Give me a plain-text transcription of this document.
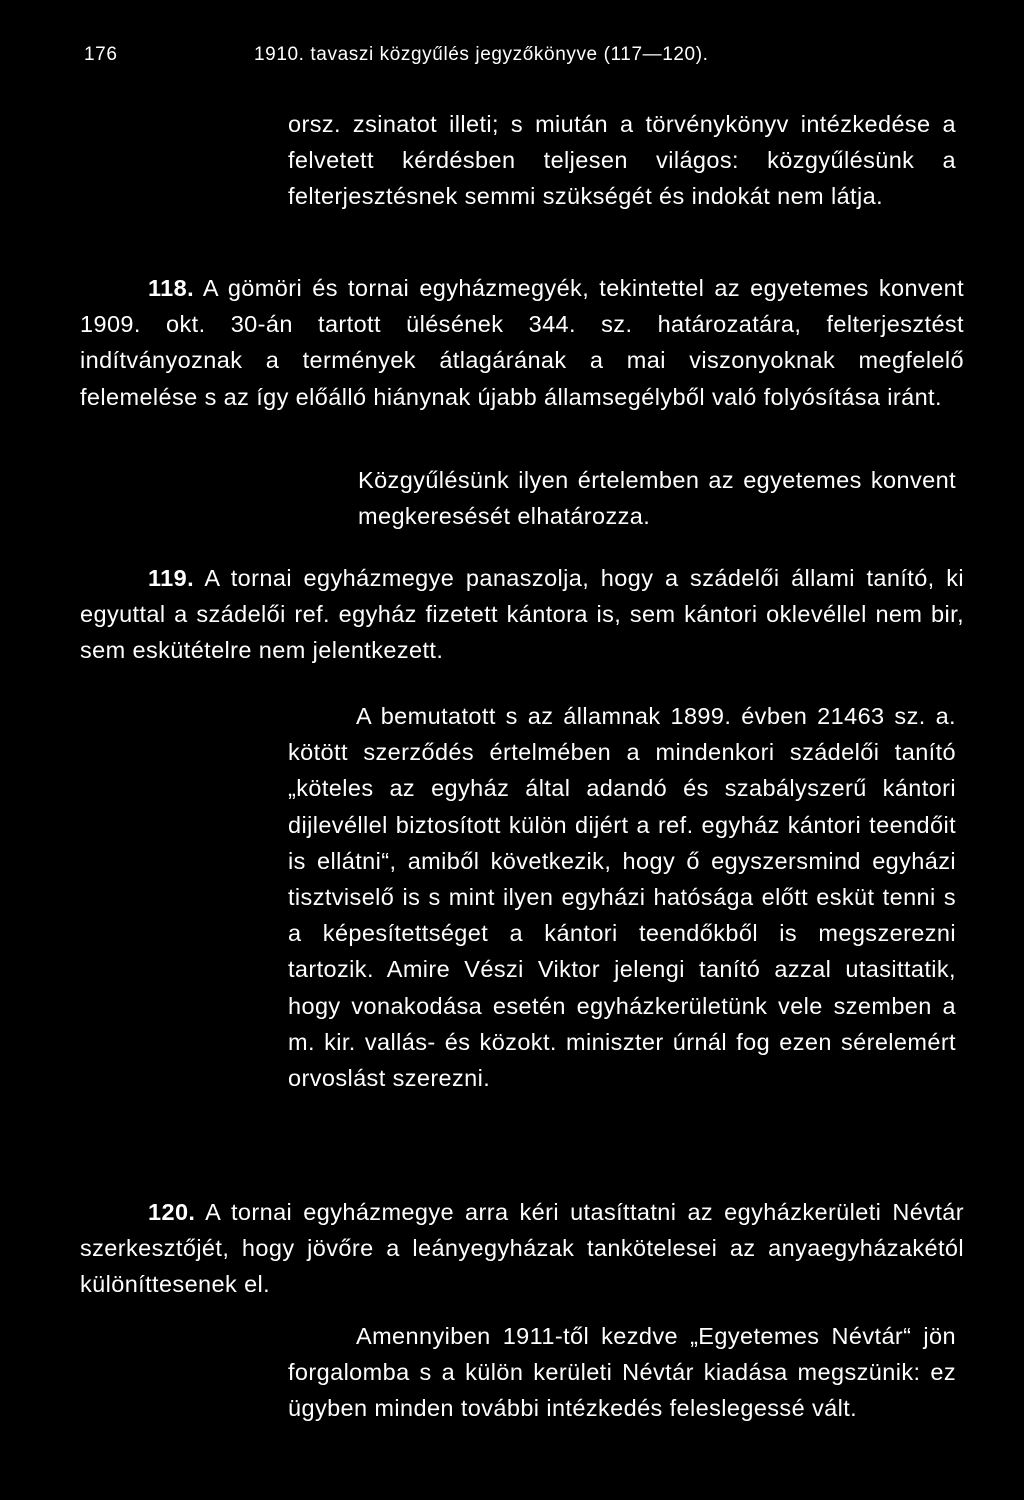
176	1910. tavaszi közgyűlés jegyzőkönyve (117—120).

orsz. zsinatot illeti; s miután a törvénykönyv intézkedése a felvetett kérdésben teljesen világos: közgyűlésünk a felterjesztésnek semmi szükségét és indokát nem látja.

118. A gömöri és tornai egyházmegyék, tekintettel az egyetemes konvent 1909. okt. 30-án tartott ülésének 344. sz. határozatára, felterjesztést indítványoznak a termények átlagárának a mai viszonyoknak megfelelő felemelése s az így előálló hiánynak újabb államsegélyből való folyósítása iránt.

Közgyűlésünk ilyen értelemben az egyetemes konvent megkeresését elhatározza.

119. A tornai egyházmegye panaszolja, hogy a szádelői állami tanító, ki egyuttal a szádelői ref. egyház fizetett kántora is, sem kántori oklevéllel nem bir, sem eskütételre nem jelentkezett.

A bemutatott s az államnak 1899. évben 21463 sz. a. kötött szerződés értelmében a mindenkori szádelői tanító „köteles az egyház által adandó és szabályszerű kántori dijlevéllel biztosított külön dijért a ref. egyház kántori teendőit is ellátni“, amiből következik, hogy ő egyszersmind egyházi tisztviselő is s mint ilyen egyházi hatósága előtt esküt tenni s a képesítettséget a kántori teendőkből is megszerezni tartozik. Amire Vészi Viktor jelengi tanító azzal utasittatik, hogy vonakodása esetén egyházkerületünk vele szemben a m. kir. vallás- és közokt. miniszter úrnál fog ezen sérelemért orvoslást szerezni.

120. A tornai egyházmegye arra kéri utasíttatni az egyházkerületi Névtár szerkesztőjét, hogy jövőre a leányegyházak tankötelesei az anyaegyházakétól különíttesenek el.

Amennyiben 1911-től kezdve „Egyetemes Névtár“ jön forgalomba s a külön kerületi Névtár kiadása megszünik: ez ügyben minden további intézkedés feleslegessé vált.
